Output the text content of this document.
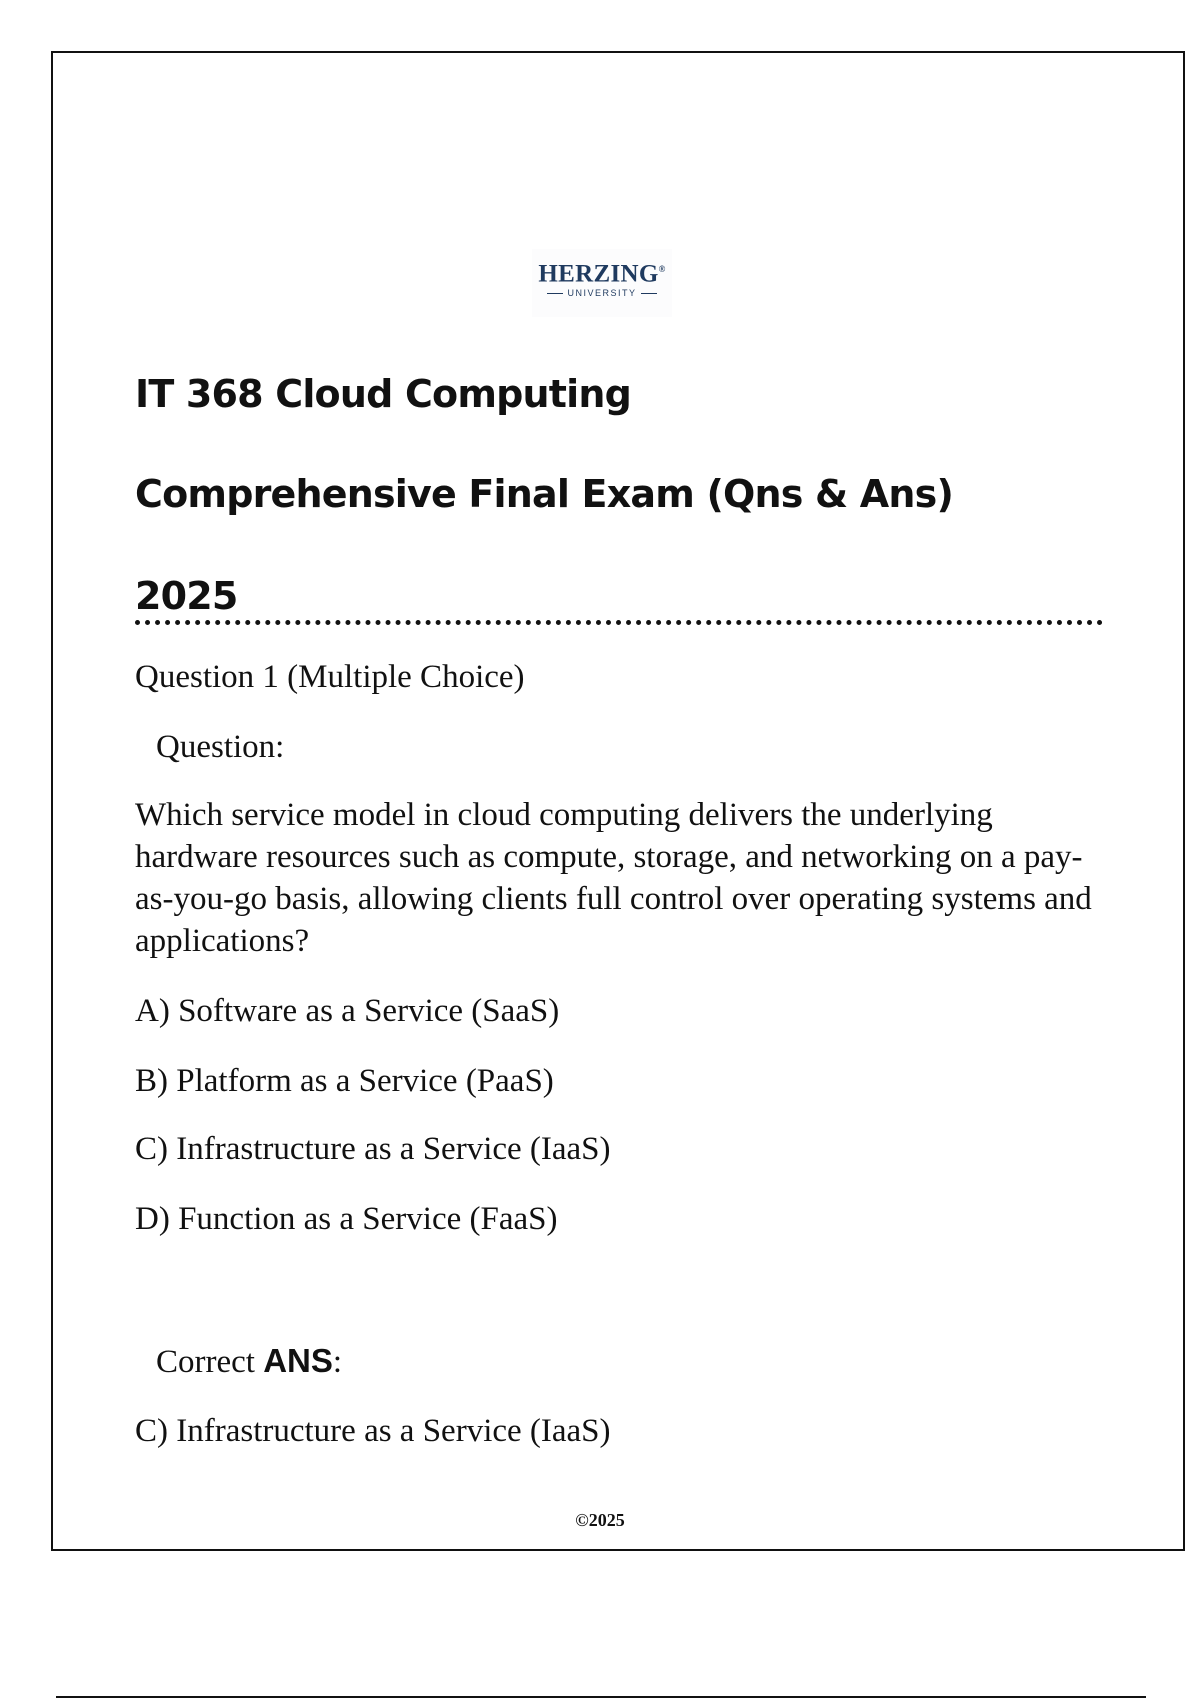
HERZING®
UNIVERSITY
IT 368 Cloud Computing
Comprehensive Final Exam (Qns & Ans)
2025

Question 1 (Multiple Choice)

Question:

Which service model in cloud computing delivers the underlying hardware resources such as compute, storage, and networking on a pay-as-you-go basis, allowing clients full control over operating systems and applications?

A) Software as a Service (SaaS)

B) Platform as a Service (PaaS)

C) Infrastructure as a Service (IaaS)

D) Function as a Service (FaaS)

Correct ANS:

C) Infrastructure as a Service (IaaS)

©2025
